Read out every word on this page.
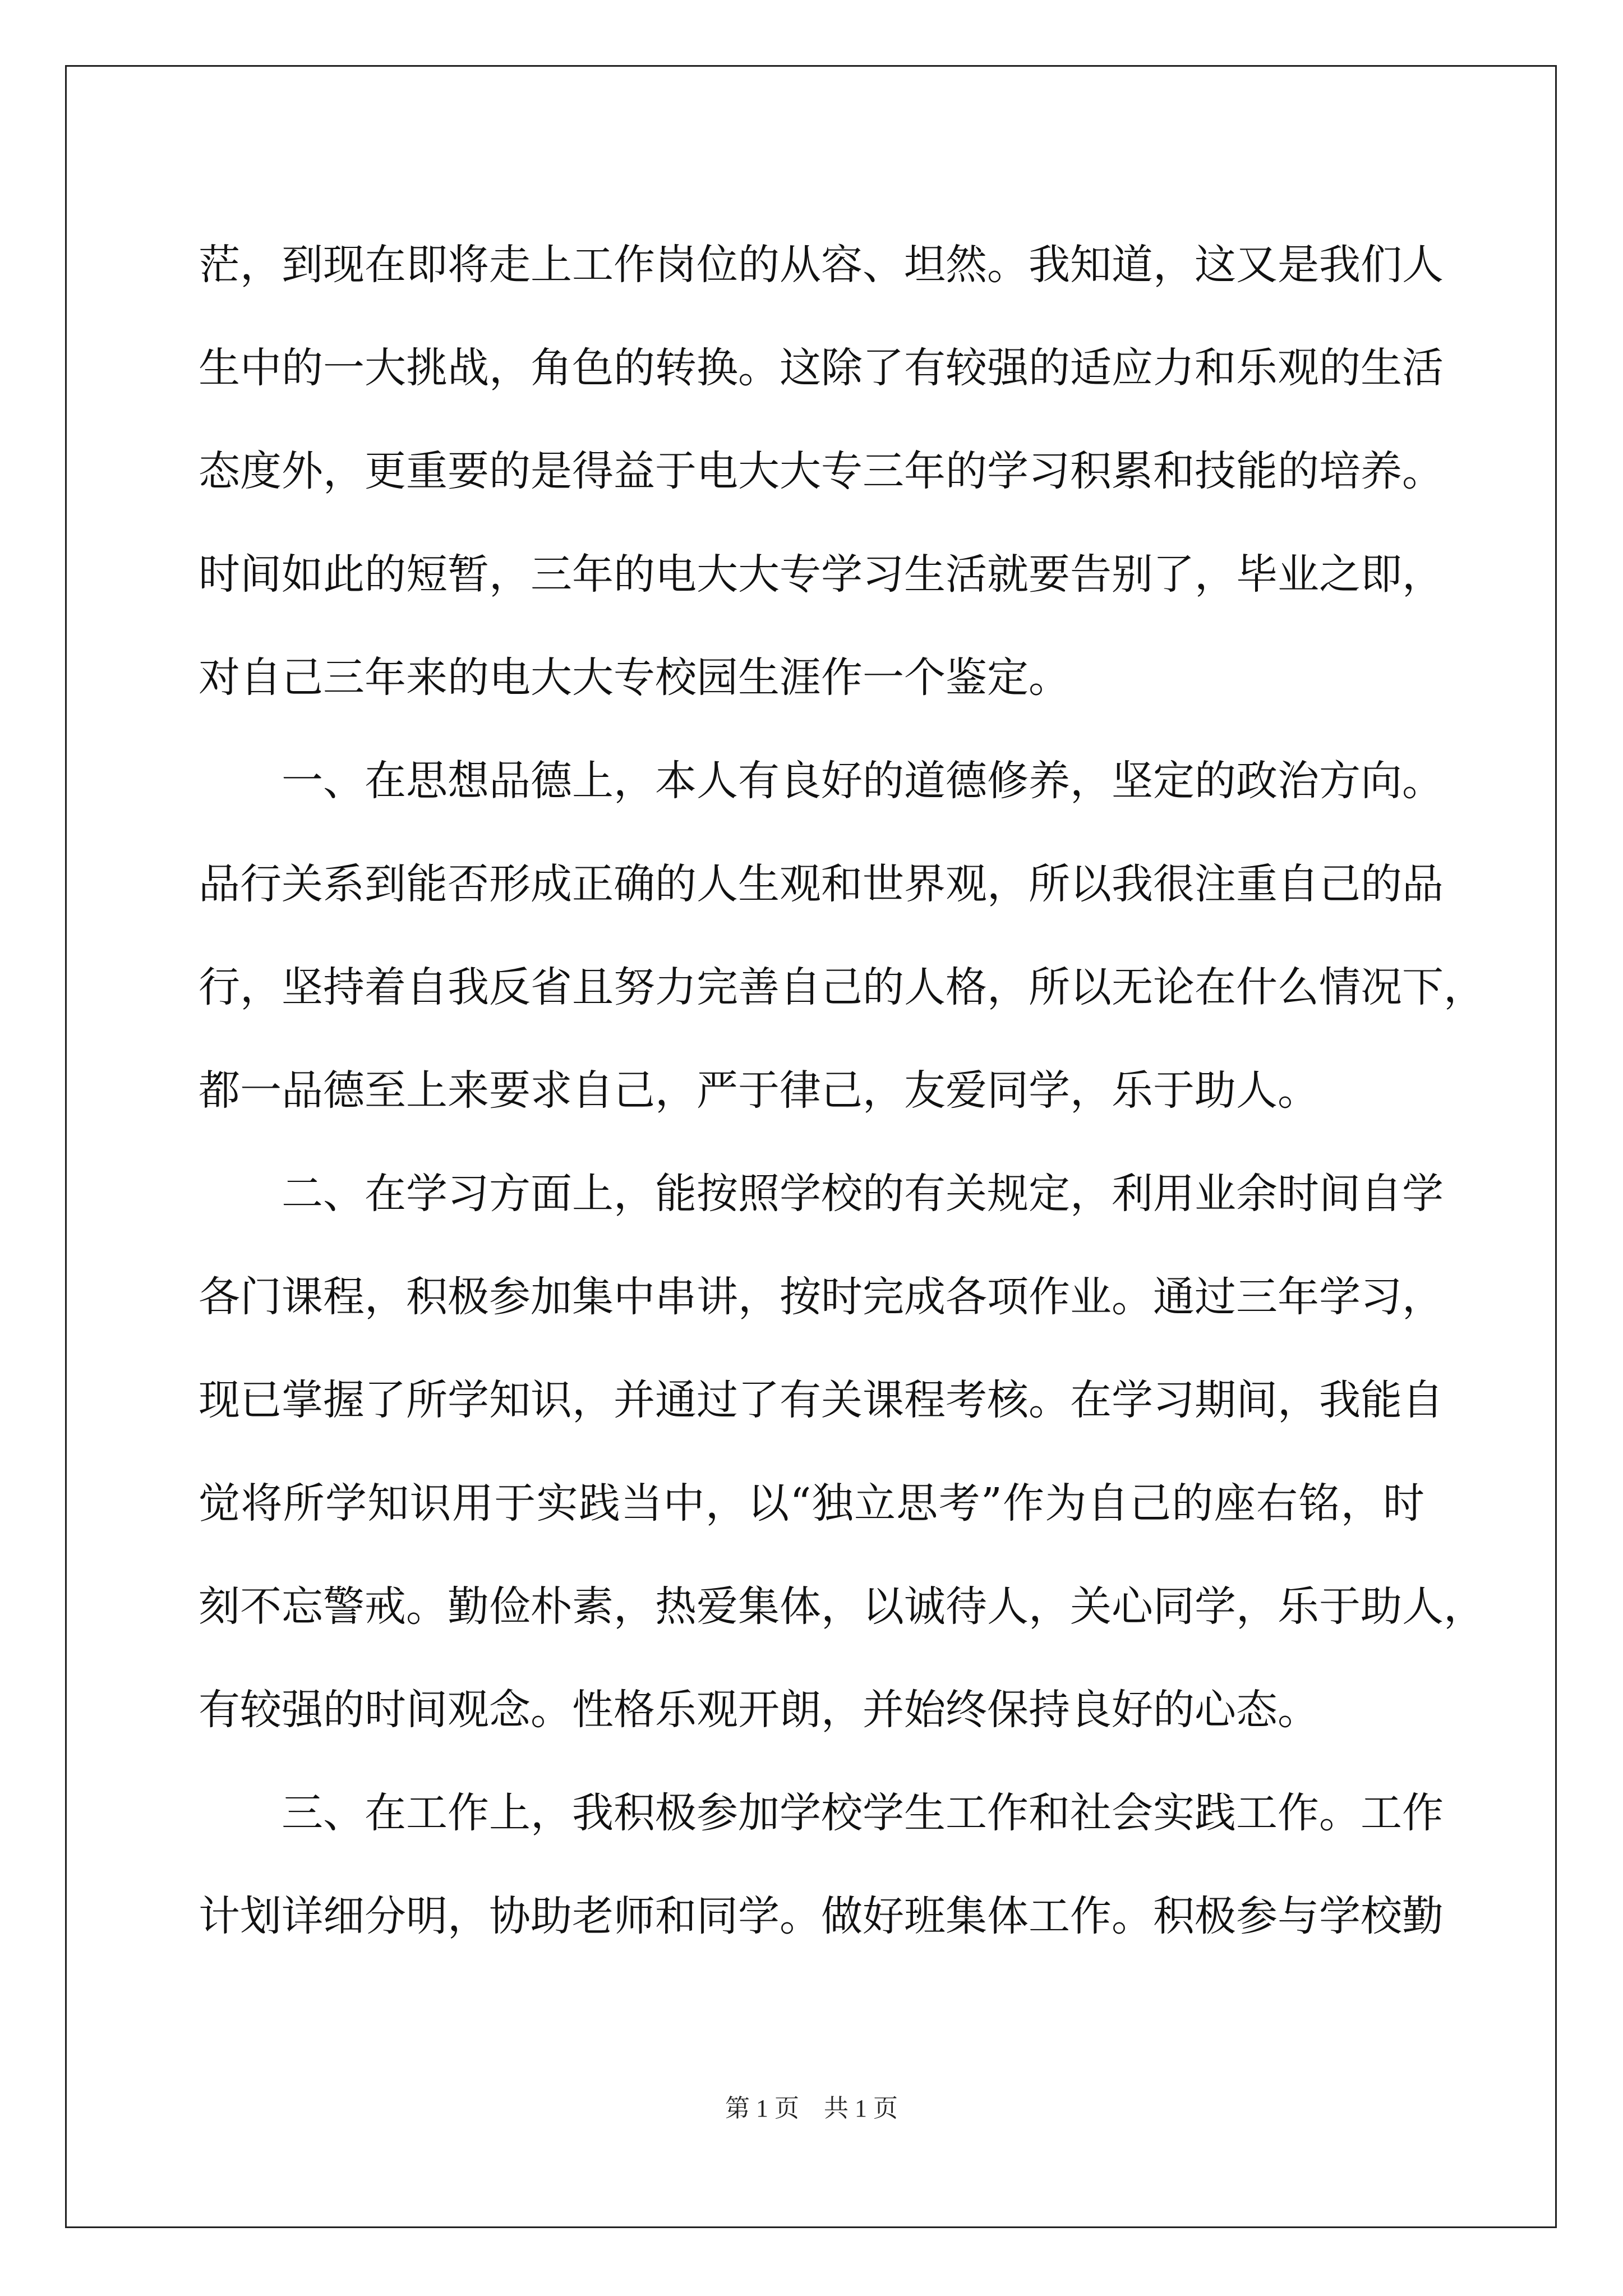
茫，到现在即将走上工作岗位的从容、坦然。我知道，这又是我们人
生中的一大挑战，角色的转换。这除了有较强的适应力和乐观的生活
态度外，更重要的是得益于电大大专三年的学习积累和技能的培养。
时间如此的短暂，三年的电大大专学习生活就要告别了，毕业之即，
对自己三年来的电大大专校园生涯作一个鉴定。
一、在思想品德上，本人有良好的道德修养，坚定的政治方向。
品行关系到能否形成正确的人生观和世界观，所以我很注重自己的品
行，坚持着自我反省且努力完善自己的人格，所以无论在什么情况下，
都一品德至上来要求自己，严于律己，友爱同学，乐于助人。
二、在学习方面上，能按照学校的有关规定，利用业余时间自学
各门课程，积极参加集中串讲，按时完成各项作业。通过三年学习，
现已掌握了所学知识，并通过了有关课程考核。在学习期间，我能自
觉将所学知识用于实践当中，以“独立思考”作为自己的座右铭，时
刻不忘警戒。勤俭朴素，热爱集体，以诚待人，关心同学，乐于助人，
有较强的时间观念。性格乐观开朗，并始终保持良好的心态。
三、在工作上，我积极参加学校学生工作和社会实践工作。工作
计划详细分明，协助老师和同学。做好班集体工作。积极参与学校勤
第 1 页　共 1 页
